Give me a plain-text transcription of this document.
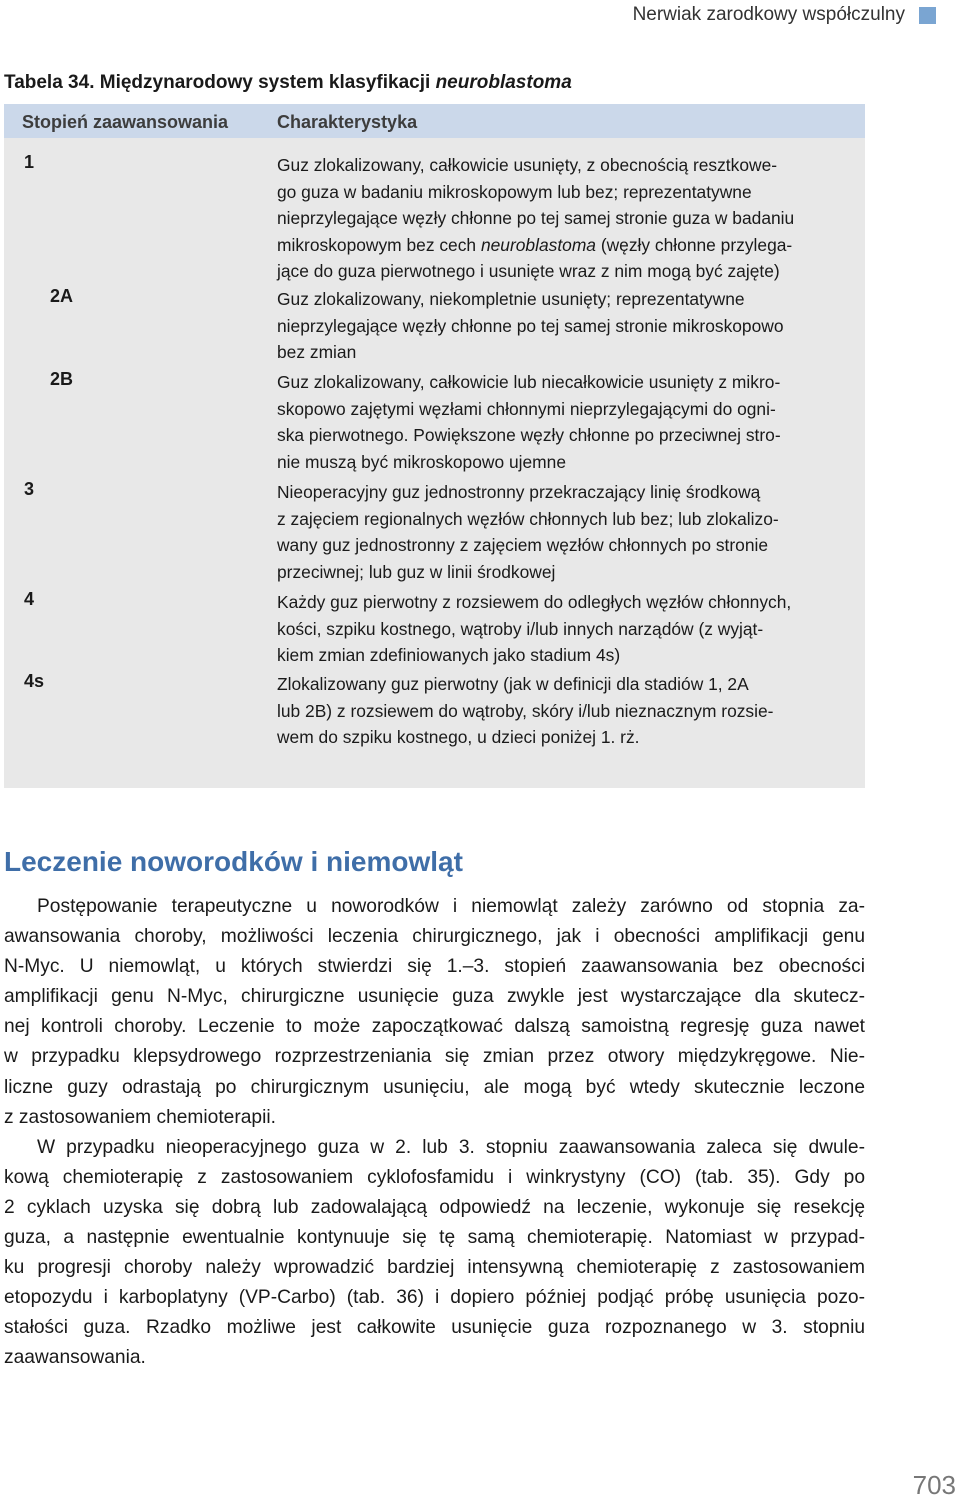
Nerwiak zarodkowy współczulny
Tabela 34. Międzynarodowy system klasyfikacji neuroblastoma
Stopień zaawansowania	Charakterystyka
1	Guz zlokalizowany, całkowicie usunięty, z obecnością resztkowe-
go guza w badaniu mikroskopowym lub bez; reprezentatywne
nieprzylegające węzły chłonne po tej samej stronie guza w badaniu
mikroskopowym bez cech neuroblastoma (węzły chłonne przylega-
jące do guza pierwotnego i usunięte wraz z nim mogą być zajęte)
2A	Guz zlokalizowany, niekompletnie usunięty; reprezentatywne
nieprzylegające węzły chłonne po tej samej stronie mikroskopowo
bez zmian
2B	Guz zlokalizowany, całkowicie lub niecałkowicie usunięty z mikro-
skopowo zajętymi węzłami chłonnymi nieprzylegającymi do ogni-
ska pierwotnego. Powiększone węzły chłonne po przeciwnej stro-
nie muszą być mikroskopowo ujemne
3	Nieoperacyjny guz jednostronny przekraczający linię środkową
z zajęciem regionalnych węzłów chłonnych lub bez; lub zlokalizo-
wany guz jednostronny z zajęciem węzłów chłonnych po stronie
przeciwnej; lub guz w linii środkowej
4	Każdy guz pierwotny z rozsiewem do odległych węzłów chłonnych,
kości, szpiku kostnego, wątroby i/lub innych narządów (z wyjąt-
kiem zmian zdefiniowanych jako stadium 4s)
4s	Zlokalizowany guz pierwotny (jak w definicji dla stadiów 1, 2A
lub 2B) z rozsiewem do wątroby, skóry i/lub nieznacznym rozsie-
wem do szpiku kostnego, u dzieci poniżej 1. rż.
Leczenie noworodków i niemowląt

Postępowanie terapeutyczne u noworodków i niemowląt zależy zarówno od stopnia za-
awansowania choroby, możliwości leczenia chirurgicznego, jak i obecności amplifikacji genu
N-Myc. U niemowląt, u których stwierdzi się 1.–3. stopień zaawansowania bez obecności
amplifikacji genu N-Myc, chirurgiczne usunięcie guza zwykle jest wystarczające dla skutecz-
nej kontroli choroby. Leczenie to może zapoczątkować dalszą samoistną regresję guza nawet
w przypadku klepsydrowego rozprzestrzeniania się zmian przez otwory międzykręgowe. Nie-
liczne guzy odrastają po chirurgicznym usunięciu, ale mogą być wtedy skutecznie leczone
z zastosowaniem chemioterapii.

W przypadku nieoperacyjnego guza w 2. lub 3. stopniu zaawansowania zaleca się dwule-
kową chemioterapię z zastosowaniem cyklofosfamidu i winkrystyny (CO) (tab. 35). Gdy po
2 cyklach uzyska się dobrą lub zadowalającą odpowiedź na leczenie, wykonuje się resekcję
guza, a następnie ewentualnie kontynuuje się tę samą chemioterapię. Natomiast w przypad-
ku progresji choroby należy wprowadzić bardziej intensywną chemioterapię z zastosowaniem
etopozydu i karboplatyny (VP-Carbo) (tab. 36) i dopiero później podjąć próbę usunięcia pozo-
stałości guza. Rzadko możliwe jest całkowite usunięcie guza rozpoznanego w 3. stopniu
zaawansowania.

703
